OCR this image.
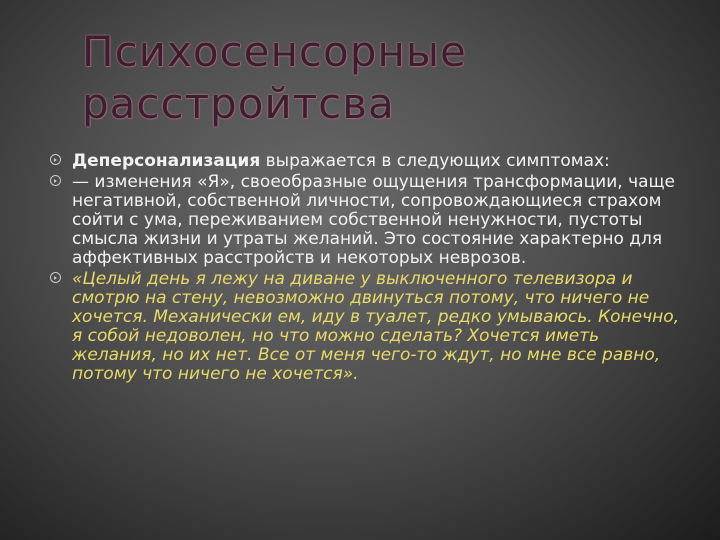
Психосенсорные расстройтсва
Деперсонализация выражается в следующих симптомах:
— изменения «Я», своеобразные ощущения трансформации, чаще негативной, собственной личности, сопровождающиеся страхом сойти с ума, переживанием собственной ненужности, пустоты смысла жизни и утраты желаний. Это состояние характерно для аффективных расстройств и некоторых неврозов.
«Целый день я лежу на диване у выключенного телевизора и смотрю на стену, невозможно двинуться потому, что ничего не хочется. Механически ем, иду в туалет, редко умываюсь. Конечно, я собой недоволен, но что можно сделать? Хочется иметь желания, но их нет. Все от меня чего-то ждут, но мне все равно, потому что ничего не хочется».
